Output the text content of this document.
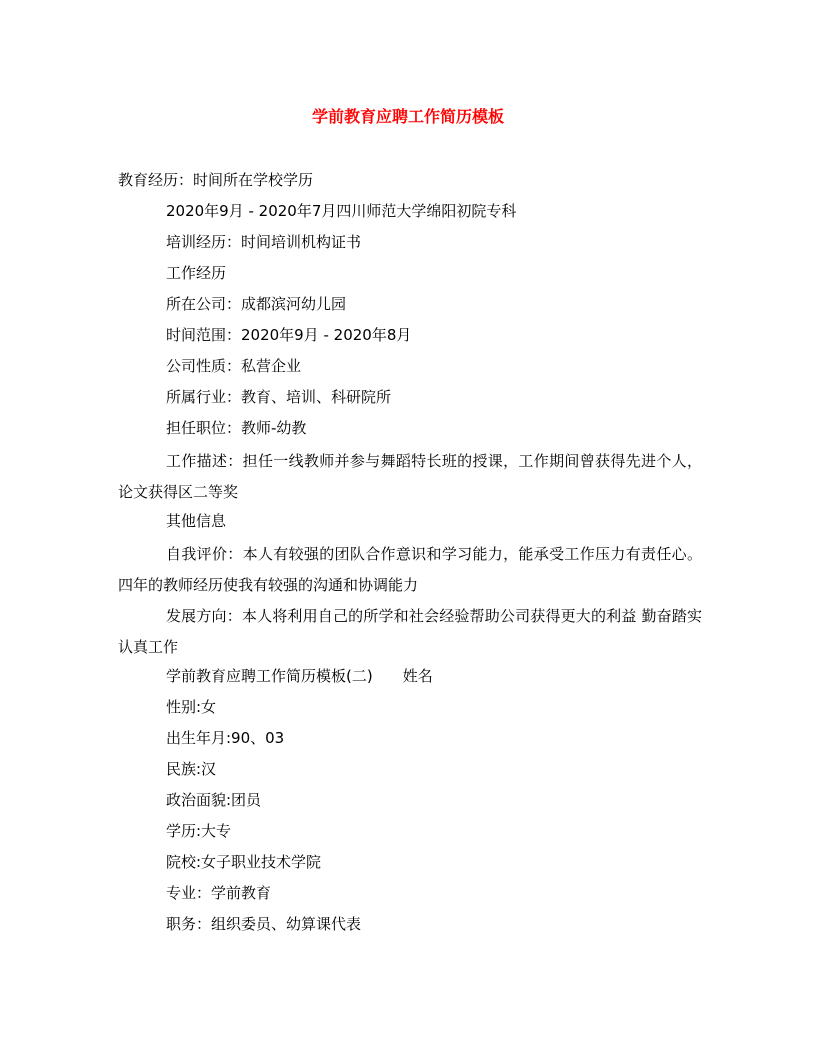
学前教育应聘工作简历模板
教育经历：时间所在学校学历
2020年9月 - 2020年7月四川师范大学绵阳初院专科
培训经历：时间培训机构证书
工作经历
所在公司：成都滨河幼儿园
时间范围：2020年9月 - 2020年8月
公司性质：私营企业
所属行业：教育、培训、科研院所
担任职位：教师-幼教
工作描述：担任一线教师并参与舞蹈特长班的授课，工作期间曾获得先进个人，论文获得区二等奖
其他信息
自我评价：本人有较强的团队合作意识和学习能力，能承受工作压力有责任心。四年的教师经历使我有较强的沟通和协调能力
发展方向：本人将利用自己的所学和社会经验帮助公司获得更大的利益 勤奋踏实认真工作
学前教育应聘工作简历模板(二) 姓名
性别:女
出生年月:90、03
民族:汉
政治面貌:团员
学历:大专
院校:女子职业技术学院
专业：学前教育
职务：组织委员、幼算课代表
